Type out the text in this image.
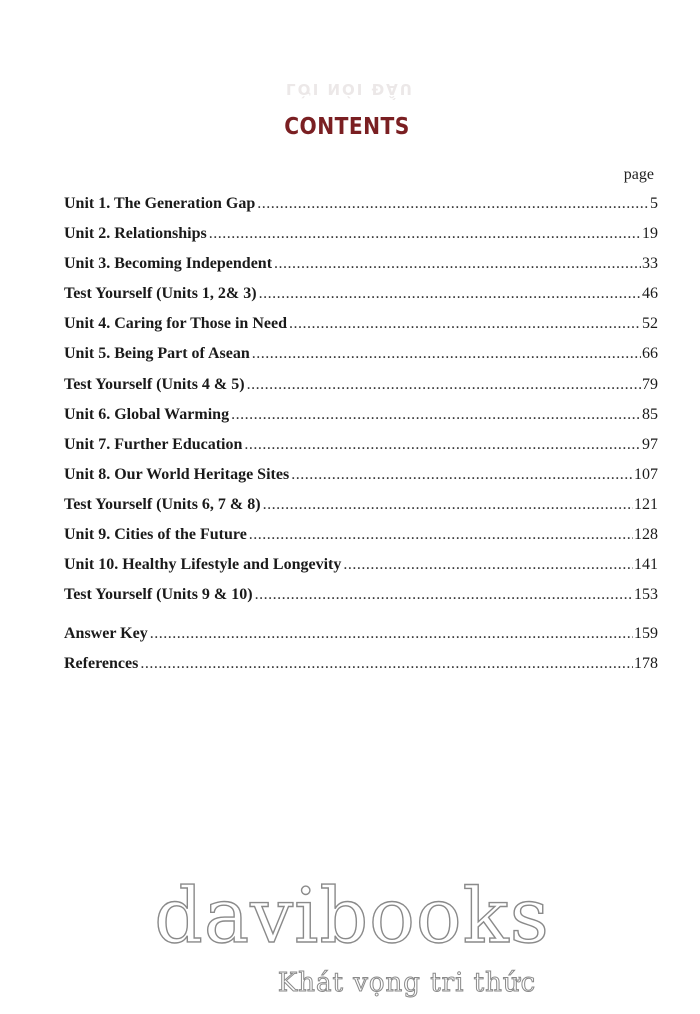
LỜI NÓI ĐẦU
CONTENTS
page
Unit 1. The Generation Gap .....	5
Unit 2. Relationships .....	19
Unit 3. Becoming Independent .....	33
Test Yourself (Units 1, 2& 3) .....	46
Unit 4. Caring for Those in Need .....	52
Unit 5. Being Part of Asean .....	66
Test Yourself (Units 4 & 5) .....	79
Unit 6. Global Warming .....	85
Unit 7. Further Education .....	97
Unit 8. Our World Heritage Sites .....	107
Test Yourself (Units 6, 7 & 8) .....	121
Unit 9. Cities of the Future .....	128
Unit 10. Healthy Lifestyle and Longevity .....	141
Test Yourself (Units 9 & 10) .....	153
Answer Key .....	159
References .....	178
davibooks
Khát vọng tri thức
